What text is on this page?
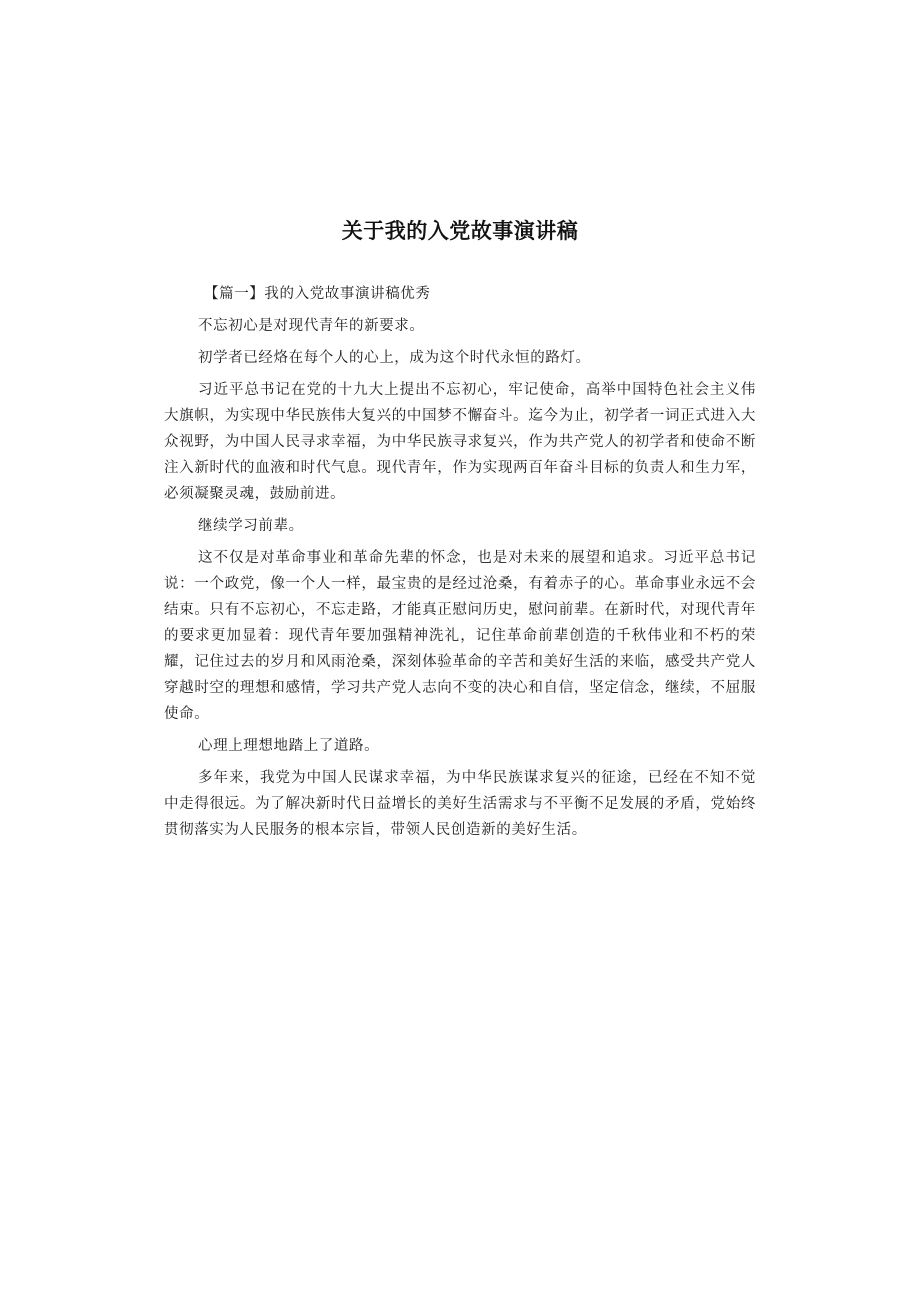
关于我的入党故事演讲稿

【篇一】我的入党故事演讲稿优秀

不忘初心是对现代青年的新要求。

初学者已经烙在每个人的心上，成为这个时代永恒的路灯。

习近平总书记在党的十九大上提出不忘初心，牢记使命，高举中国特色社会主义伟大旗帜，为实现中华民族伟大复兴的中国梦不懈奋斗。迄今为止，初学者一词正式进入大众视野，为中国人民寻求幸福，为中华民族寻求复兴，作为共产党人的初学者和使命不断注入新时代的血液和时代气息。现代青年，作为实现两百年奋斗目标的负责人和生力军，必须凝聚灵魂，鼓励前进。

继续学习前辈。

这不仅是对革命事业和革命先辈的怀念，也是对未来的展望和追求。习近平总书记说：一个政党，像一个人一样，最宝贵的是经过沧桑，有着赤子的心。革命事业永远不会结束。只有不忘初心，不忘走路，才能真正慰问历史，慰问前辈。在新时代，对现代青年的要求更加显着：现代青年要加强精神洗礼，记住革命前辈创造的千秋伟业和不朽的荣耀，记住过去的岁月和风雨沧桑，深刻体验革命的辛苦和美好生活的来临，感受共产党人穿越时空的理想和感情，学习共产党人志向不变的决心和自信，坚定信念，继续，不屈服使命。

心理上理想地踏上了道路。

多年来，我党为中国人民谋求幸福，为中华民族谋求复兴的征途，已经在不知不觉中走得很远。为了解决新时代日益增长的美好生活需求与不平衡不足发展的矛盾，党始终贯彻落实为人民服务的根本宗旨，带领人民创造新的美好生活。
